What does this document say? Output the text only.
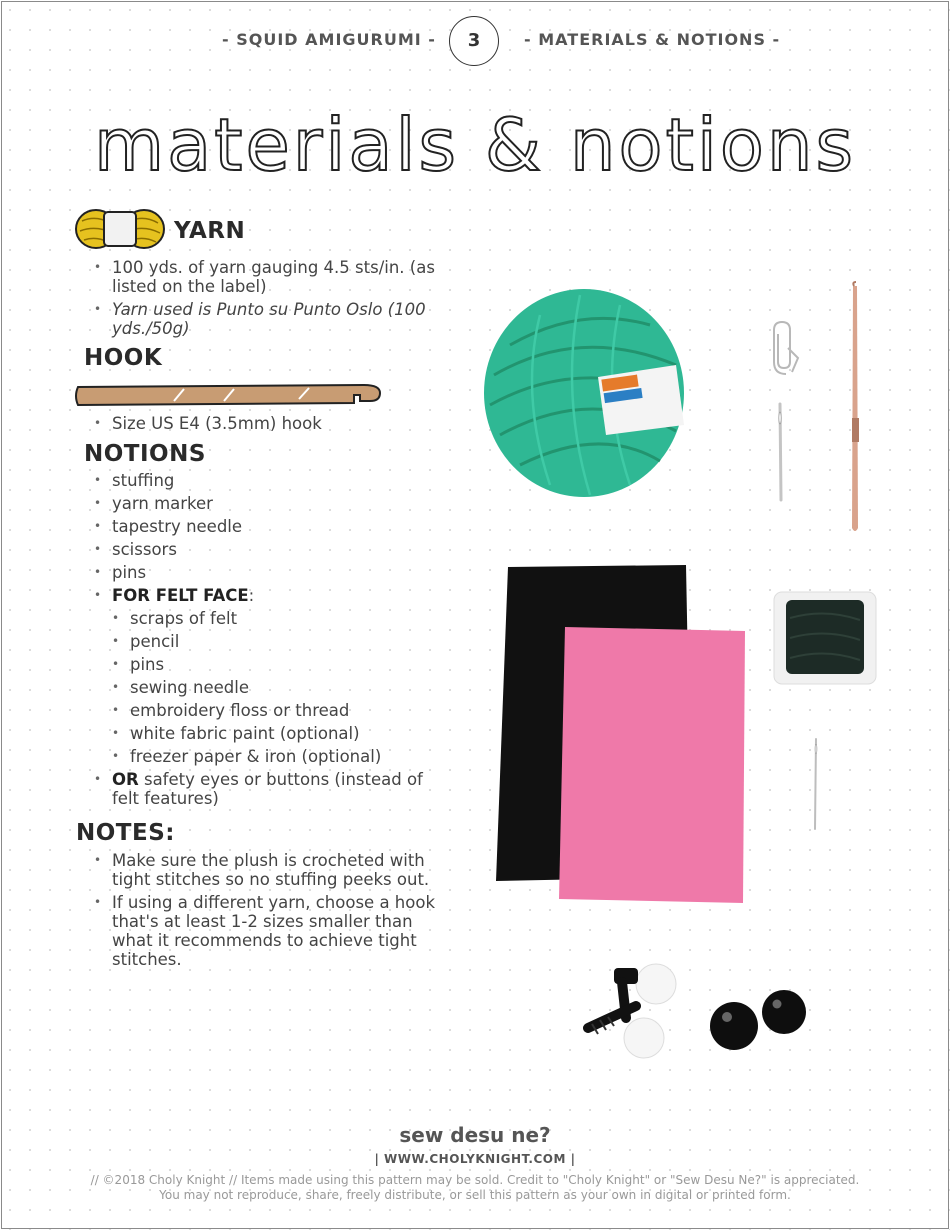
- SQUID AMIGURUMI -	3	- MATERIALS & NOTIONS -
materials & notions
YARN
• 100 yds. of yarn gauging 4.5 sts/in. (as listed on the label)
• Yarn used is Punto su Punto Oslo (100 yds./50g)
HOOK
• Size US E4 (3.5mm) hook
NOTIONS
• stuffing
• yarn marker
• tapestry needle
• scissors
• pins
• FOR FELT FACE:
• scraps of felt
• pencil
• pins
• sewing needle
• embroidery floss or thread
• white fabric paint (optional)
• freezer paper & iron (optional)
• OR safety eyes or buttons (instead of felt features)
NOTES:
• Make sure the plush is crocheted with tight stitches so no stuffing peeks out.
• If using a different yarn, choose a hook that's at least 1-2 sizes smaller than what it recommends to achieve tight stitches.
sew desu ne?
| WWW.CHOLYKNIGHT.COM |
// ©2018 Choly Knight // Items made using this pattern may be sold. Credit to "Choly Knight" or "Sew Desu Ne?" is appreciated.
You may not reproduce, share, freely distribute, or sell this pattern as your own in digital or printed form.
